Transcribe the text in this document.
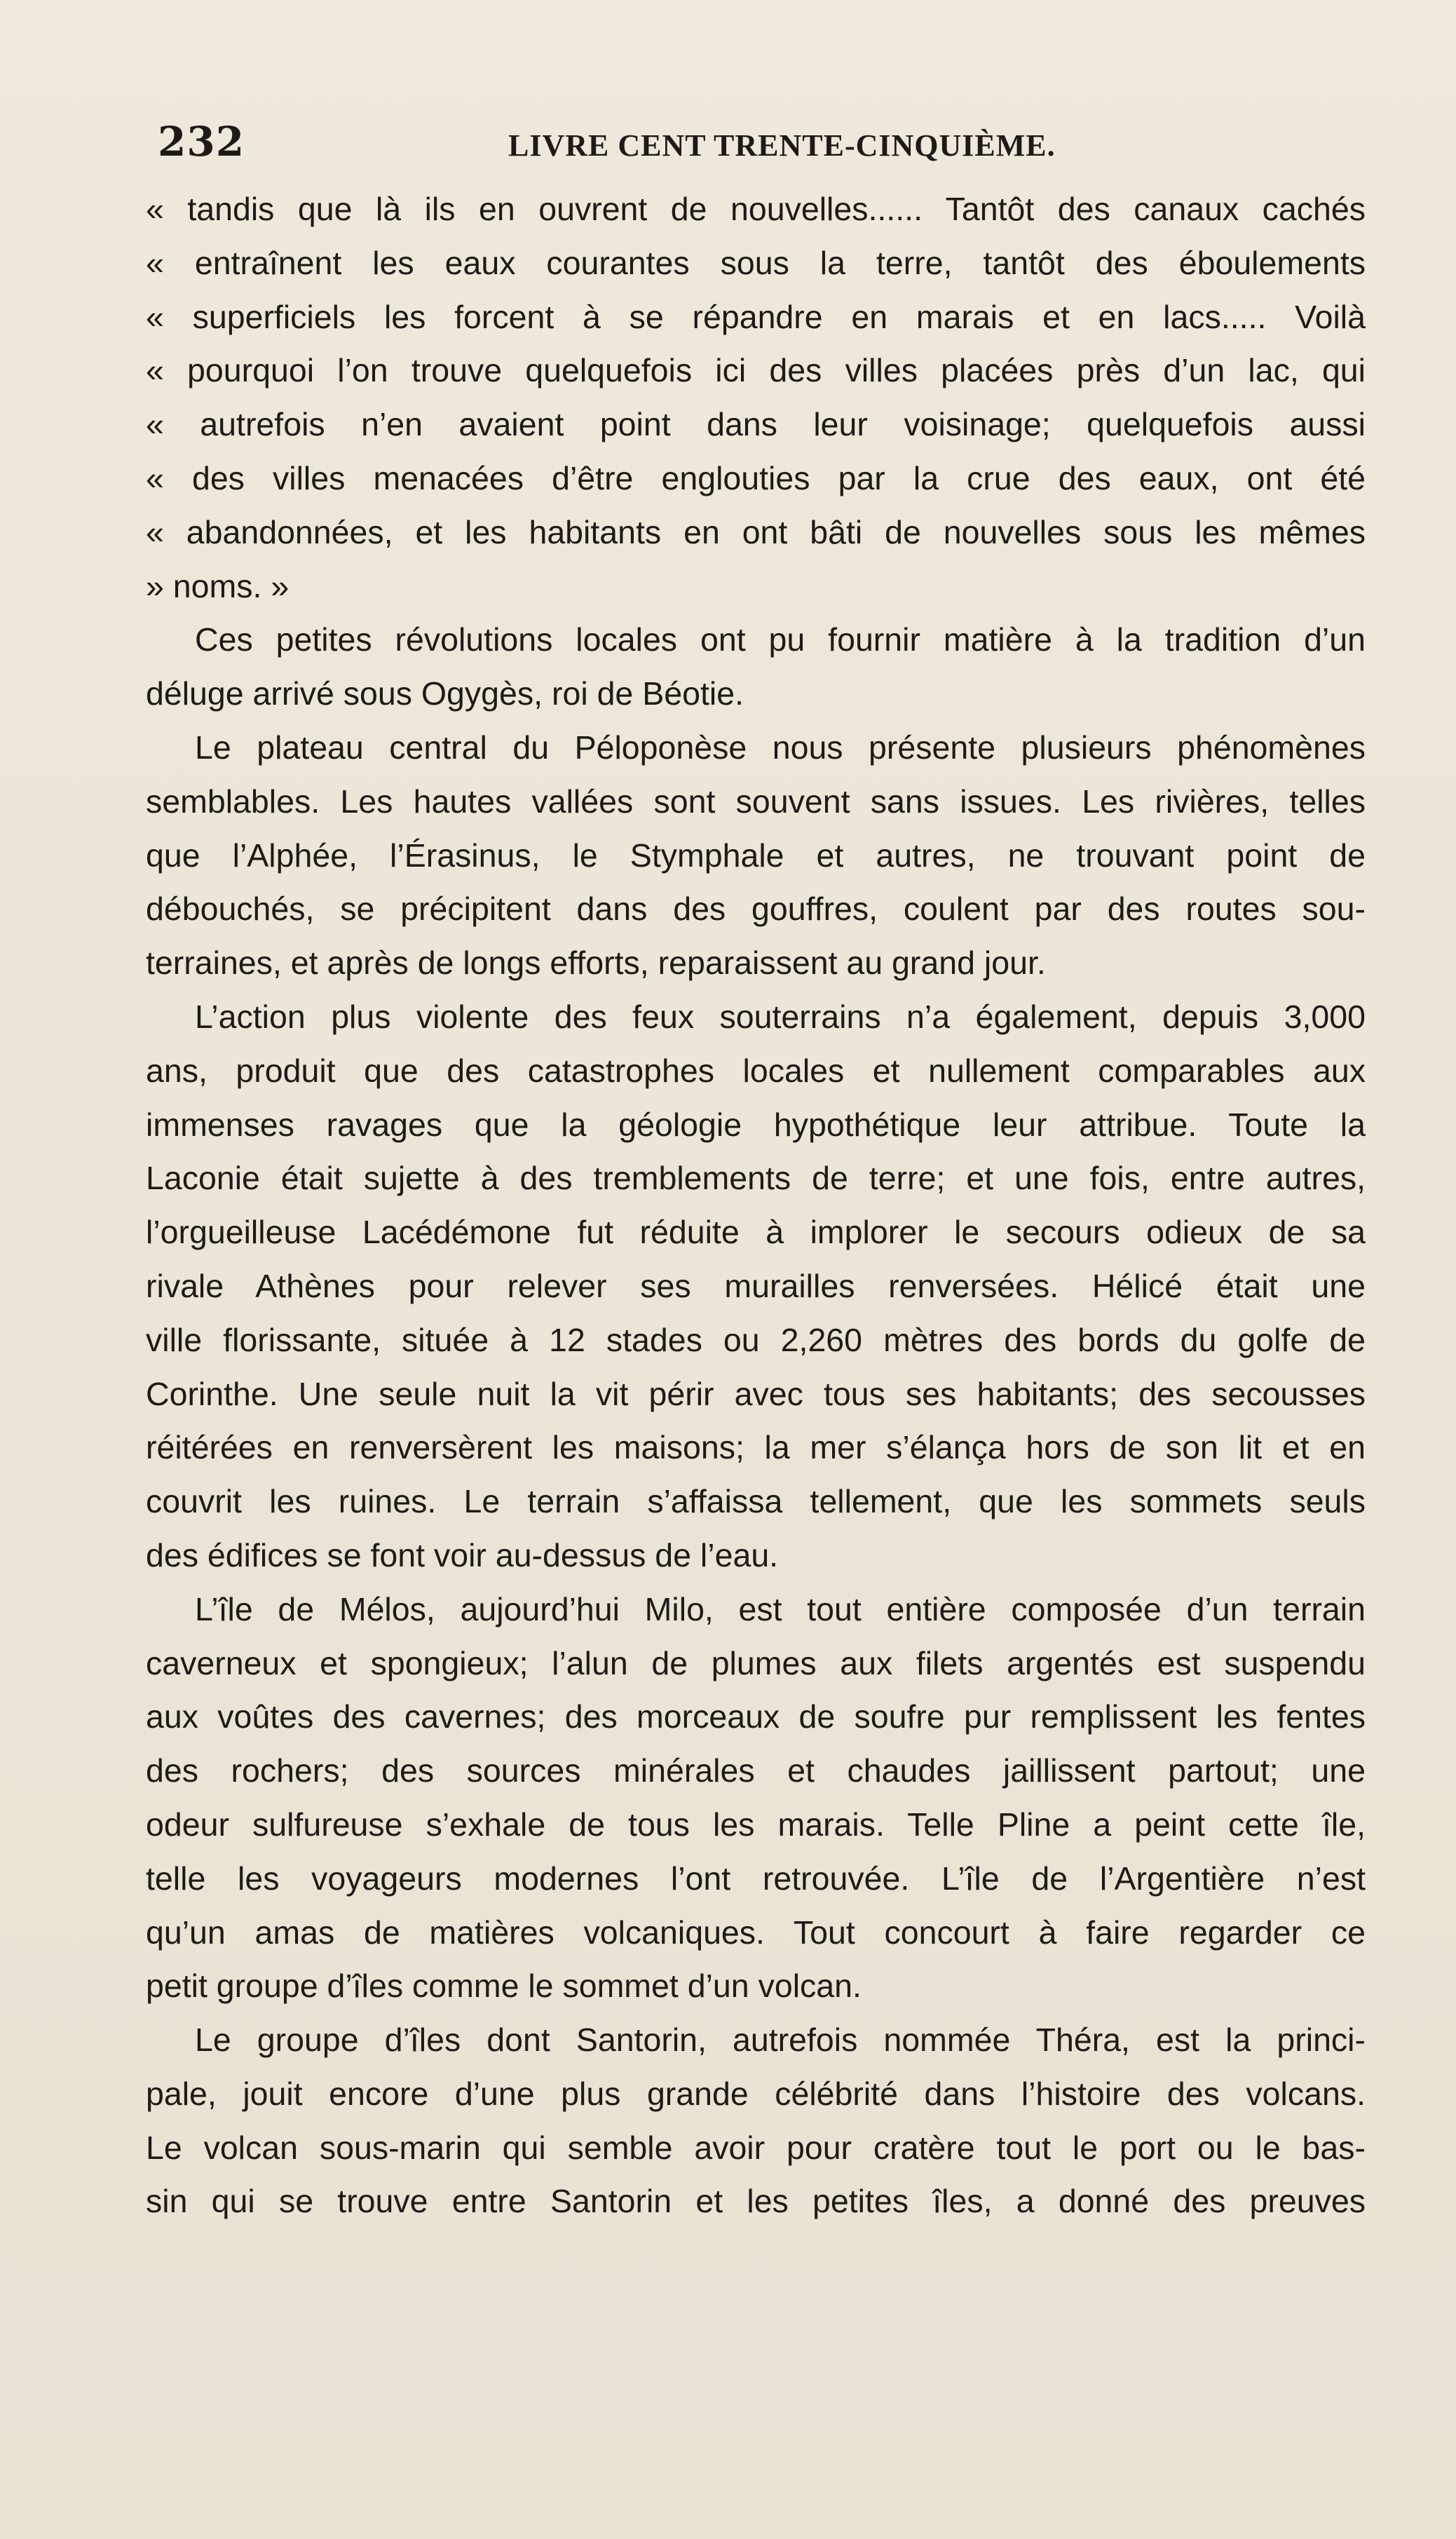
232	LIVRE CENT TRENTE-CINQUIÈME.
« tandis que là ils en ouvrent de nouvelles...... Tantôt des canaux cachés
« entraînent les eaux courantes sous la terre, tantôt des éboulements
« superficiels les forcent à se répandre en marais et en lacs..... Voilà
« pourquoi l’on trouve quelquefois ici des villes placées près d’un lac, qui
« autrefois n’en avaient point dans leur voisinage; quelquefois aussi
« des villes menacées d’être englouties par la crue des eaux, ont été
« abandonnées, et les habitants en ont bâti de nouvelles sous les mêmes
» noms. »
Ces petites révolutions locales ont pu fournir matière à la tradition d’un
déluge arrivé sous Ogygès, roi de Béotie.
Le plateau central du Péloponèse nous présente plusieurs phénomènes
semblables. Les hautes vallées sont souvent sans issues. Les rivières, telles
que l’Alphée, l’Érasinus, le Stymphale et autres, ne trouvant point de
débouchés, se précipitent dans des gouffres, coulent par des routes sou-
terraines, et après de longs efforts, reparaissent au grand jour.
L’action plus violente des feux souterrains n’a également, depuis 3,000
ans, produit que des catastrophes locales et nullement comparables aux
immenses ravages que la géologie hypothétique leur attribue. Toute la
Laconie était sujette à des tremblements de terre; et une fois, entre autres,
l’orgueilleuse Lacédémone fut réduite à implorer le secours odieux de sa
rivale Athènes pour relever ses murailles renversées. Hélicé était une
ville florissante, située à 12 stades ou 2,260 mètres des bords du golfe de
Corinthe. Une seule nuit la vit périr avec tous ses habitants; des secousses
réitérées en renversèrent les maisons; la mer s’élança hors de son lit et en
couvrit les ruines. Le terrain s’affaissa tellement, que les sommets seuls
des édifices se font voir au-dessus de l’eau.
L’île de Mélos, aujourd’hui Milo, est tout entière composée d’un terrain
caverneux et spongieux; l’alun de plumes aux filets argentés est suspendu
aux voûtes des cavernes; des morceaux de soufre pur remplissent les fentes
des rochers; des sources minérales et chaudes jaillissent partout; une
odeur sulfureuse s’exhale de tous les marais. Telle Pline a peint cette île,
telle les voyageurs modernes l’ont retrouvée. L’île de l’Argentière n’est
qu’un amas de matières volcaniques. Tout concourt à faire regarder ce
petit groupe d’îles comme le sommet d’un volcan.
Le groupe d’îles dont Santorin, autrefois nommée Théra, est la princi-
pale, jouit encore d’une plus grande célébrité dans l’histoire des volcans.
Le volcan sous-marin qui semble avoir pour cratère tout le port ou le bas-
sin qui se trouve entre Santorin et les petites îles, a donné des preuves
